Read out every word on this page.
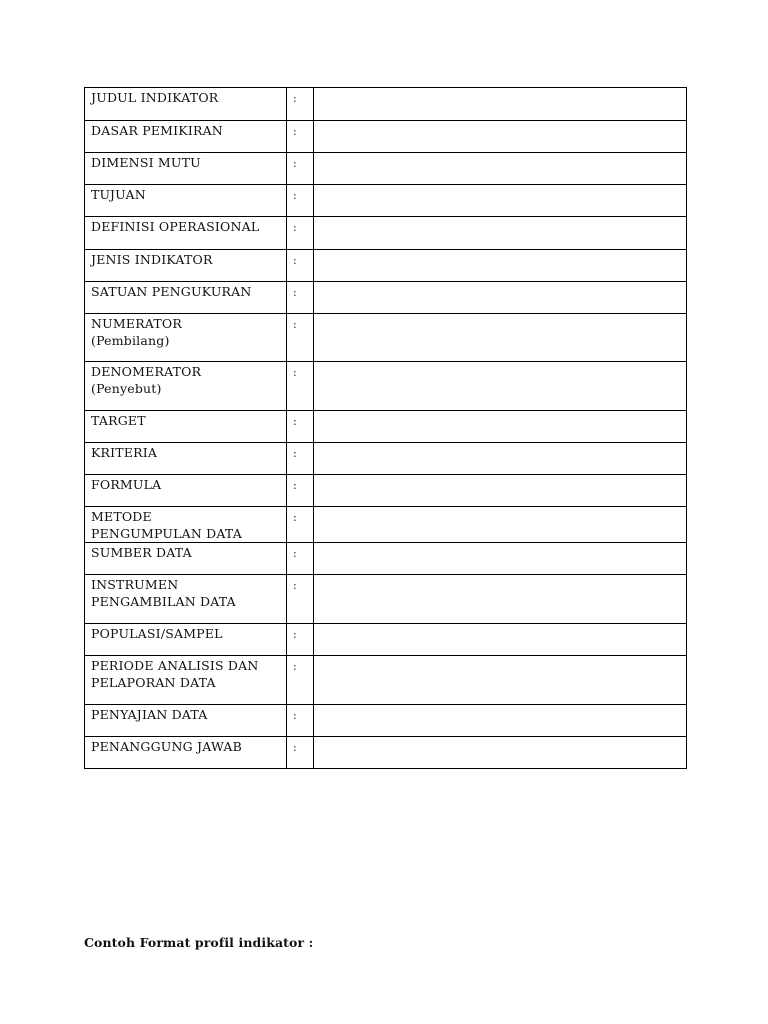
JUDUL INDIKATOR	:	

DASAR PEMIKIRAN	:	

DIMENSI MUTU	:	

TUJUAN	:	

DEFINISI OPERASIONAL	:	

JENIS INDIKATOR	:	

SATUAN PENGUKURAN	:	

NUMERATOR
(Pembilang)	:	

DENOMERATOR
(Penyebut)	:	

TARGET	:	

KRITERIA	:	

FORMULA	:	

METODE
PENGUMPULAN DATA	:	

SUMBER DATA	:	

INSTRUMEN
PENGAMBILAN DATA	:	

POPULASI/SAMPEL	:	

PERIODE ANALISIS DAN
PELAPORAN DATA	:	

PENYAJIAN DATA	:	

PENANGGUNG JAWAB	:	

Contoh Format profil indikator :
